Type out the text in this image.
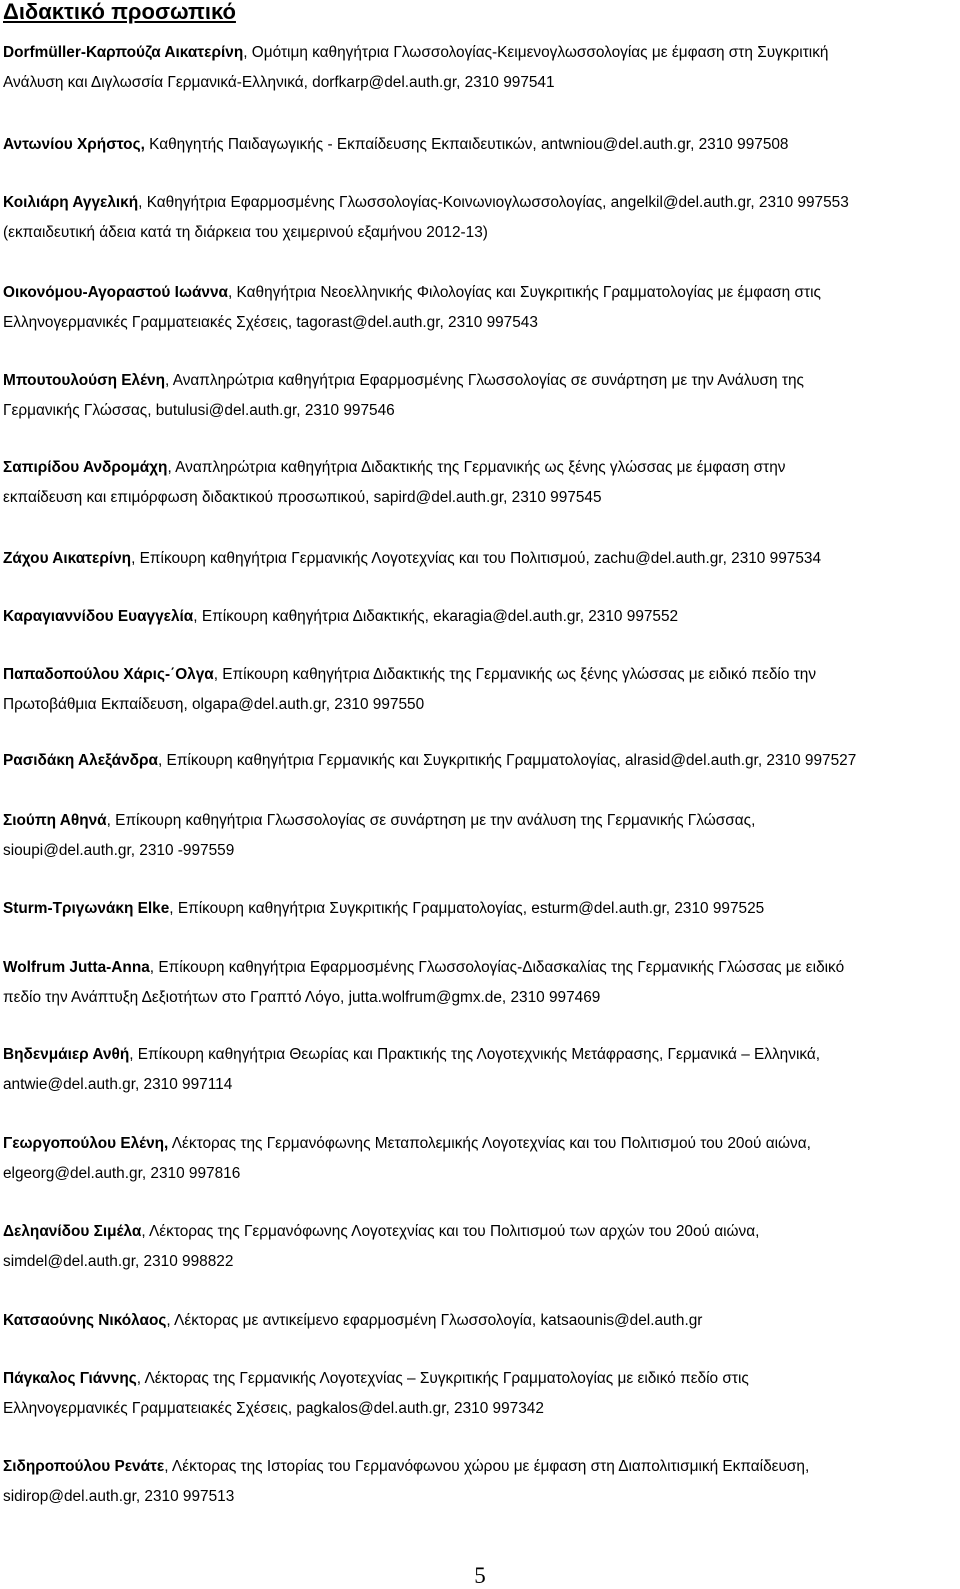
Διδακτικό προσωπικό
Dorfmüller-Καρπούζα Αικατερίνη, Ομότιμη καθηγήτρια Γλωσσολογίας-Κειμενογλωσσολογίας με έμφαση στη Συγκριτική
Ανάλυση και Διγλωσσία Γερμανικά-Ελληνικά, dorfkarp@del.auth.gr, 2310 997541
Αντωνίου Χρήστος, Καθηγητής Παιδαγωγικής - Εκπαίδευσης Εκπαιδευτικών, antwniou@del.auth.gr, 2310 997508
Κοιλιάρη Αγγελική, Καθηγήτρια Εφαρμοσμένης Γλωσσολογίας-Κοινωνιογλωσσολογίας, angelkil@del.auth.gr, 2310 997553
(εκπαιδευτική άδεια κατά τη διάρκεια του χειμερινού εξαμήνου 2012-13)
Οικονόμου-Αγοραστού Ιωάννα, Καθηγήτρια Νεοελληνικής Φιλολογίας και Συγκριτικής Γραμματολογίας με έμφαση στις
Ελληνογερμανικές Γραμματειακές Σχέσεις, tagorast@del.auth.gr, 2310 997543
Μπουτουλούση Ελένη, Αναπληρώτρια καθηγήτρια Εφαρμοσμένης Γλωσσολογίας σε συνάρτηση με την Ανάλυση της
Γερμανικής Γλώσσας, butulusi@del.auth.gr, 2310 997546
Σαπιρίδου Ανδρομάχη, Αναπληρώτρια καθηγήτρια Διδακτικής της Γερμανικής ως ξένης γλώσσας με έμφαση στην
εκπαίδευση και επιμόρφωση διδακτικού προσωπικού, sapird@del.auth.gr, 2310 997545
Ζάχου Αικατερίνη, Επίκουρη καθηγήτρια Γερμανικής Λογοτεχνίας και του Πολιτισμού, zachu@del.auth.gr, 2310 997534
Καραγιαννίδου Ευαγγελία, Επίκουρη καθηγήτρια Διδακτικής, ekaragia@del.auth.gr, 2310 997552
Παπαδοπούλου Χάρις-΄Ολγα, Επίκουρη καθηγήτρια Διδακτικής της Γερμανικής ως ξένης γλώσσας με ειδικό πεδίο την
Πρωτοβάθμια Εκπαίδευση, olgapa@del.auth.gr, 2310 997550
Ρασιδάκη Αλεξάνδρα, Επίκουρη καθηγήτρια Γερμανικής και Συγκριτικής Γραμματολογίας, alrasid@del.auth.gr, 2310 997527
Σιούπη Αθηνά, Επίκουρη καθηγήτρια Γλωσσολογίας σε συνάρτηση με την ανάλυση της Γερμανικής Γλώσσας,
sioupi@del.auth.gr, 2310 -997559
Sturm-Τριγωνάκη Elke, Επίκουρη καθηγήτρια Συγκριτικής Γραμματολογίας, esturm@del.auth.gr, 2310 997525
Wolfrum Jutta-Anna, Επίκουρη καθηγήτρια Εφαρμοσμένης Γλωσσολογίας-Διδασκαλίας της Γερμανικής Γλώσσας με ειδικό
πεδίο την Ανάπτυξη Δεξιοτήτων στο Γραπτό Λόγο, jutta.wolfrum@gmx.de, 2310 997469
Βηδενμάιερ Ανθή, Επίκουρη καθηγήτρια Θεωρίας και Πρακτικής της Λογοτεχνικής Μετάφρασης, Γερμανικά – Ελληνικά,
antwie@del.auth.gr, 2310 997114
Γεωργοπούλου Ελένη, Λέκτορας της Γερμανόφωνης Μεταπολεμικής Λογοτεχνίας και του Πολιτισμού του 20ού αιώνα,
elgeorg@del.auth.gr, 2310 997816
Δεληανίδου Σιμέλα, Λέκτορας της Γερμανόφωνης Λογοτεχνίας και του Πολιτισμού των αρχών του 20ού αιώνα,
simdel@del.auth.gr, 2310 998822
Κατσαούνης Νικόλαος, Λέκτορας με αντικείμενο εφαρμοσμένη Γλωσσολογία, katsaounis@del.auth.gr
Πάγκαλος Γιάννης, Λέκτορας της Γερμανικής Λογοτεχνίας – Συγκριτικής Γραμματολογίας με ειδικό πεδίο στις
Ελληνογερμανικές Γραμματειακές Σχέσεις, pagkalos@del.auth.gr, 2310 997342
Σιδηροπούλου Ρενάτε, Λέκτορας της Ιστορίας του Γερμανόφωνου χώρου με έμφαση στη Διαπολιτισμική Εκπαίδευση,
sidirop@del.auth.gr, 2310 997513
5
